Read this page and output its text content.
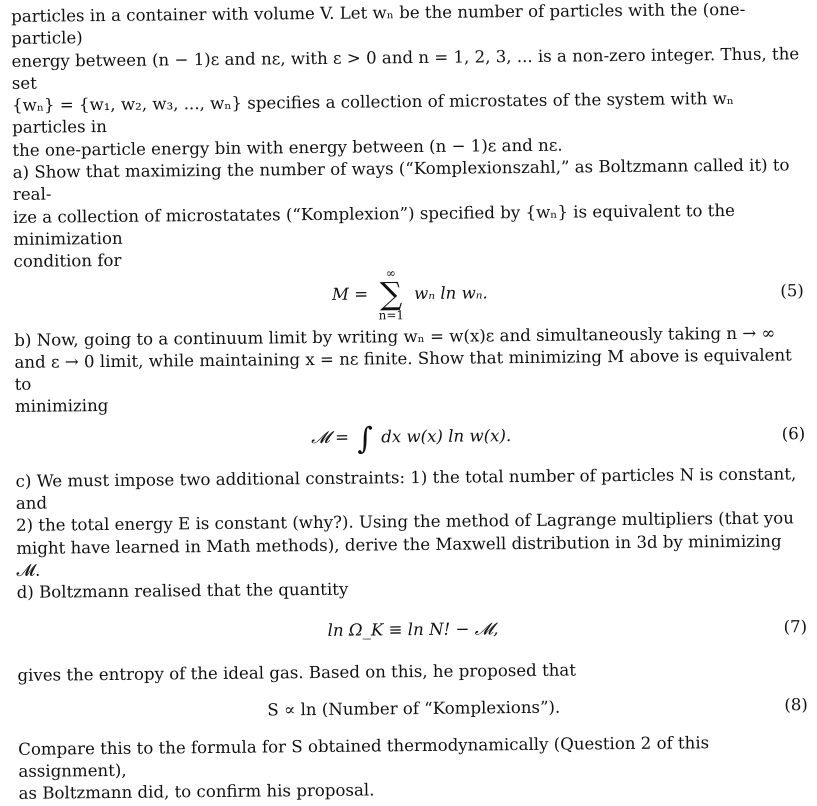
particles in a container with volume V. Let wₙ be the number of particles with the (one-particle)

energy between (n − 1)ε and nε, with ε > 0 and n = 1, 2, 3, ... is a non-zero integer. Thus, the set

{wₙ} = {w₁, w₂, w₃, ..., wₙ} specifies a collection of microstates of the system with wₙ particles in

the one-particle energy bin with energy between (n − 1)ε and nε.

a) Show that maximizing the number of ways (“Komplexionszahl,” as Boltzmann called it) to real-

ize a collection of microstatates (“Komplexion”) specified by {wₙ} is equivalent to the minimization

condition for

M =
∞
∑
n=1
wₙ ln wₙ.	(5)

b) Now, going to a continuum limit by writing wₙ = w(x)ε and simultaneously taking n → ∞

and ε → 0 limit, while maintaining x = nε finite. Show that minimizing M above is equivalent to

minimizing

𝓜 = ∫ dx w(x) ln w(x).	(6)

c) We must impose two additional constraints: 1) the total number of particles N is constant, and

2) the total energy E is constant (why?). Using the method of Lagrange multipliers (that you

might have learned in Math methods), derive the Maxwell distribution in 3d by minimizing 𝓜.

d) Boltzmann realised that the quantity

ln Ω_K ≡ ln N! − 𝓜,	(7)

gives the entropy of the ideal gas. Based on this, he proposed that

S ∝ ln (Number of “Komplexions”).	(8)

Compare this to the formula for S obtained thermodynamically (Question 2 of this assignment),

as Boltzmann did, to confirm his proposal.
